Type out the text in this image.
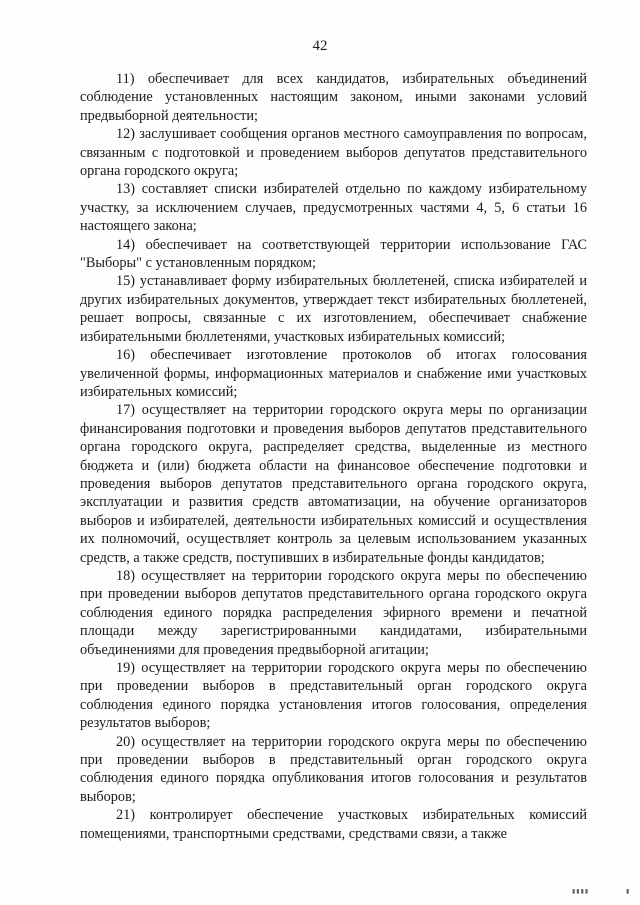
42

11) обеспечивает для всех кандидатов, избирательных объединений соблюдение установленных настоящим законом, иными законами условий предвыборной деятельности;

12) заслушивает сообщения органов местного самоуправления по вопросам, связанным с подготовкой и проведением выборов депутатов представительного органа городского округа;

13) составляет списки избирателей отдельно по каждому избирательному участку, за исключением случаев, предусмотренных частями 4, 5, 6 статьи 16 настоящего закона;

14) обеспечивает на соответствующей территории использование ГАС "Выборы" с установленным порядком;

15) устанавливает форму избирательных бюллетеней, списка избирателей и других избирательных документов, утверждает текст избирательных бюллетеней, решает вопросы, связанные с их изготовлением, обеспечивает снабжение избирательными бюллетенями, участковых избирательных комиссий;

16) обеспечивает изготовление протоколов об итогах голосования увеличенной формы, информационных материалов и снабжение ими участковых избирательных комиссий;

17) осуществляет на территории городского округа меры по организации финансирования подготовки и проведения выборов депутатов представительного органа городского округа, распределяет средства, выделенные из местного бюджета и (или) бюджета области на финансовое обеспечение подготовки и проведения выборов депутатов представительного органа городского округа, эксплуатации и развития средств автоматизации, на обучение организаторов выборов и избирателей, деятельности избирательных комиссий и осуществления их полномочий, осуществляет контроль за целевым использованием указанных средств, а также средств, поступивших в избирательные фонды кандидатов;

18) осуществляет на территории городского округа меры по обеспечению при проведении выборов депутатов представительного органа городского округа соблюдения единого порядка распределения эфирного времени и печатной площади между зарегистрированными кандидатами, избирательными объединениями для проведения предвыборной агитации;

19) осуществляет на территории городского округа меры по обеспечению при проведении выборов в представительный орган городского округа соблюдения единого порядка установления итогов голосования, определения результатов выборов;

20) осуществляет на территории городского округа меры по обеспечению при проведении выборов в представительный орган городского округа соблюдения единого порядка опубликования итогов голосования и результатов выборов;

21) контролирует обеспечение участковых избирательных комиссий помещениями, транспортными средствами, средствами связи, а также

▮▮▮▮	▮
